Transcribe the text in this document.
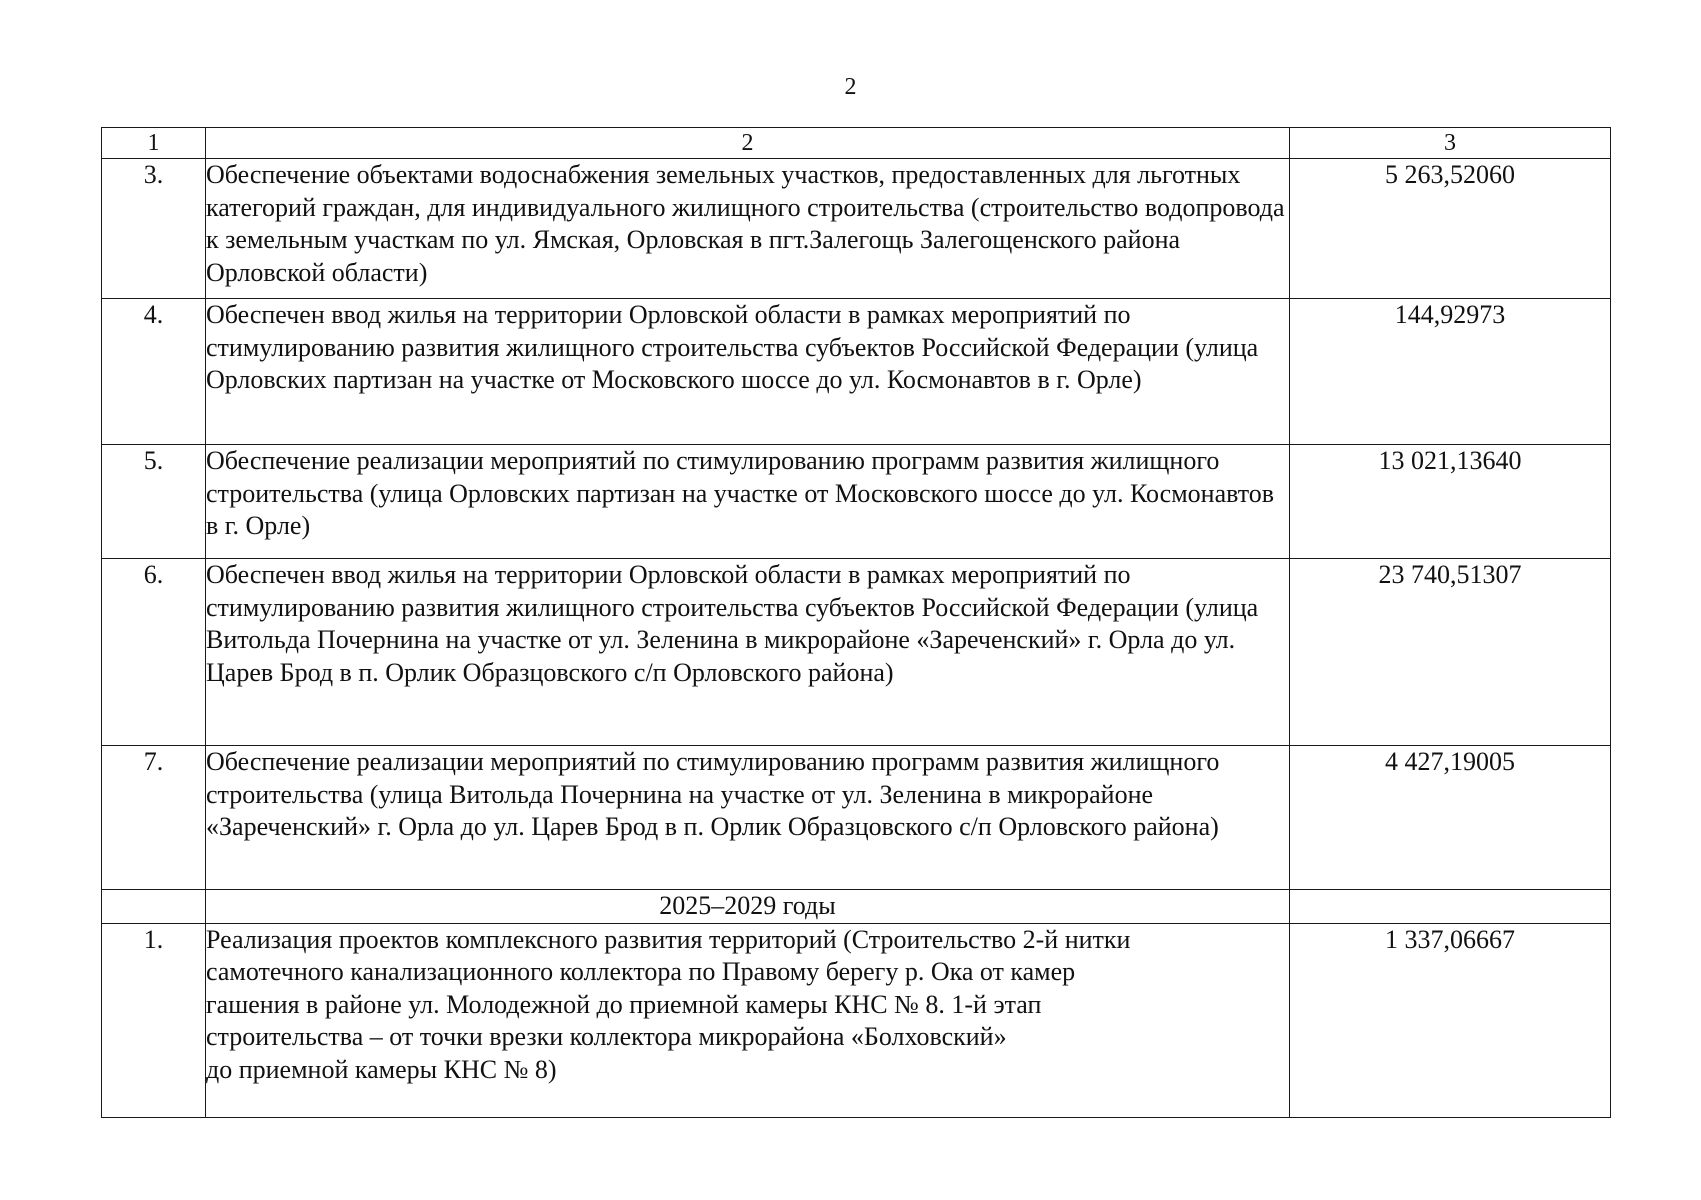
2
1	2	3
3.	Обеспечение объектами водоснабжения земельных участков, предоставленных для льготных категорий граждан, для индивидуального жилищного строительства (строительство водопровода к земельным участкам по ул. Ямская, Орловская в пгт.Залегощь Залегощенского района Орловской области)	5 263,52060
4.	Обеспечен ввод жилья на территории Орловской области в рамках мероприятий по стимулированию развития жилищного строительства субъектов Российской Федерации (улица Орловских партизан на участке от Московского шоссе до ул. Космонавтов в г. Орле)	144,92973
5.	Обеспечение реализации мероприятий по стимулированию программ развития жилищного строительства (улица Орловских партизан на участке от Московского шоссе до ул. Космонавтов в г. Орле)	13 021,13640
6.	Обеспечен ввод жилья на территории Орловской области в рамках мероприятий по стимулированию развития жилищного строительства субъектов Российской Федерации (улица Витольда Почернина на участке от ул. Зеленина в микрорайоне «Зареченский» г. Орла до ул. Царев Брод в п. Орлик Образцовского с/п Орловского района)	23 740,51307
7.	Обеспечение реализации мероприятий по стимулированию программ развития жилищного строительства (улица Витольда Почернина на участке от ул. Зеленина в микрорайоне «Зареченский» г. Орла до ул. Царев Брод в п. Орлик Образцовского с/п Орловского района)	4 427,19005
	2025–2029 годы	
1.	Реализация проектов комплексного развития территорий (Строительство 2-й нитки
самотечного канализационного коллектора по Правому берегу р. Ока от камер
гашения в районе ул. Молодежной до приемной камеры КНС № 8. 1-й этап
строительства – от точки врезки коллектора микрорайона «Болховский»
до приемной камеры КНС № 8)	1 337,06667
